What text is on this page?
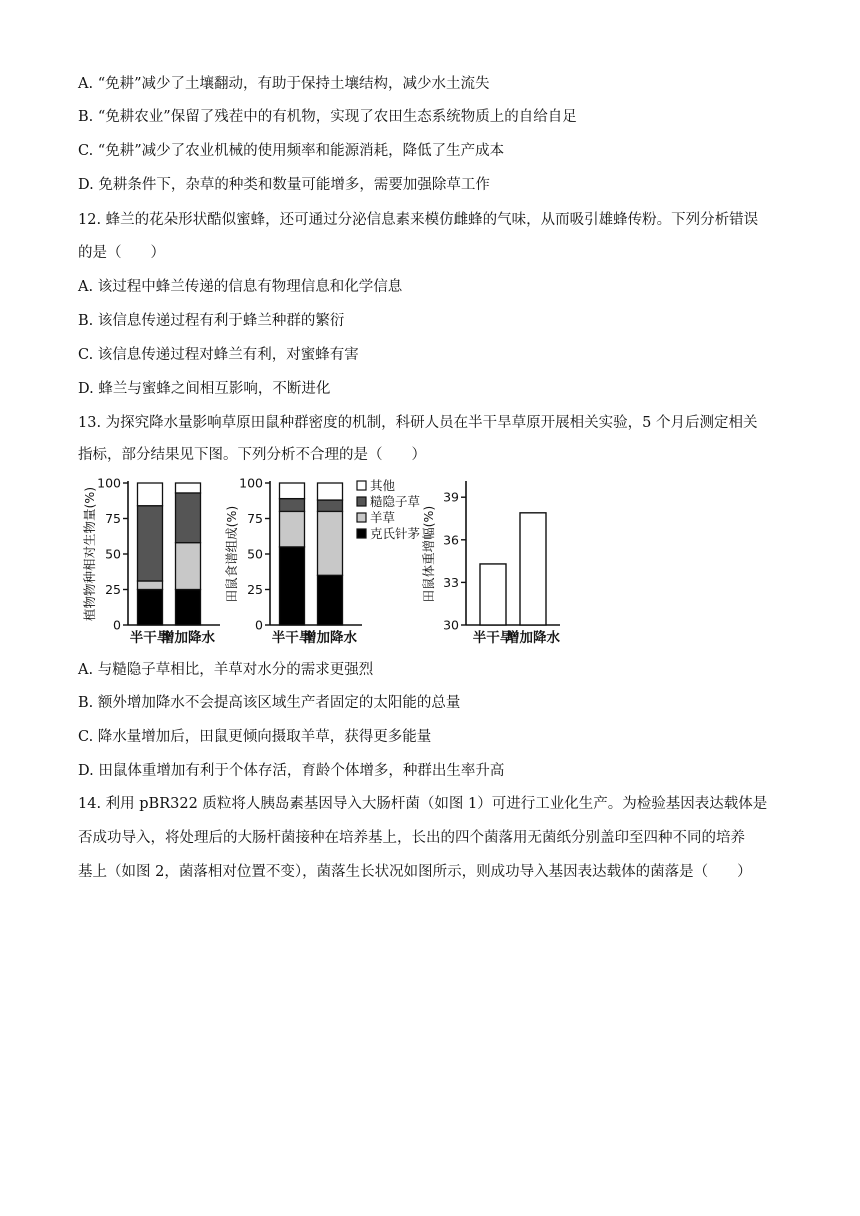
A. “免耕”减少了土壤翻动，有助于保持土壤结构，减少水土流失
B. “免耕农业”保留了残茬中的有机物，实现了农田生态系统物质上的自给自足
C. “免耕”减少了农业机械的使用频率和能源消耗，降低了生产成本
D. 免耕条件下，杂草的种类和数量可能增多，需要加强除草工作
12. 蜂兰的花朵形状酷似蜜蜂，还可通过分泌信息素来模仿雌蜂的气味，从而吸引雄蜂传粉。下列分析错误
的是（　　）
A. 该过程中蜂兰传递的信息有物理信息和化学信息
B. 该信息传递过程有利于蜂兰种群的繁衍
C. 该信息传递过程对蜂兰有利，对蜜蜂有害
D. 蜂兰与蜜蜂之间相互影响，不断进化
13. 为探究降水量影响草原田鼠种群密度的机制，科研人员在半干旱草原开展相关实验，5 个月后测定相关
指标，部分结果见下图。下列分析不合理的是（　　）
0
25
50
75
100
植物物种相对生物量(%)
半干旱
增加降水
0
25
50
75
100
田鼠食谱组成(%)
半干旱
增加降水
其他
糙隐子草
羊草
克氏针茅
30
33
36
39
田鼠体重增幅(%)
半干旱
增加降水
A. 与糙隐子草相比，羊草对水分的需求更强烈
B. 额外增加降水不会提高该区域生产者固定的太阳能的总量
C. 降水量增加后，田鼠更倾向摄取羊草，获得更多能量
D. 田鼠体重增加有利于个体存活，育龄个体增多，种群出生率升高
14. 利用 pBR322 质粒将人胰岛素基因导入大肠杆菌（如图 1）可进行工业化生产。为检验基因表达载体是
否成功导入，将处理后的大肠杆菌接种在培养基上，长出的四个菌落用无菌纸分别盖印至四种不同的培养
基上（如图 2，菌落相对位置不变），菌落生长状况如图所示，则成功导入基因表达载体的菌落是（　　）
